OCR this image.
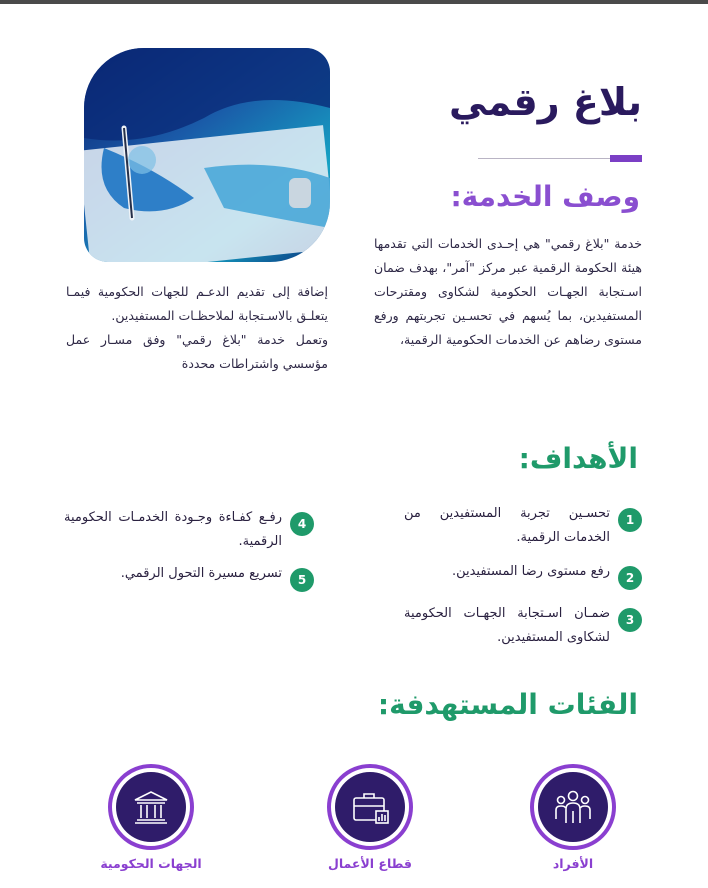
بلاغ رقمي
وصف الخدمة:
خدمة "بلاغ رقمي" هي إحـدى الخدمات التي تقدمها هيئة الحكومة الرقمية عبر مركز "آمر"، بهدف ضمان اسـتجابة الجهـات الحكومية لشكاوى ومقترحات المستفيدين، بما يُسهم في تحسـين تجربتهم ورفع مستوى رضاهم عن الخدمات الحكومية الرقمية،
إضافة إلى تقديم الدعـم للجهات الحكومية فيمـا يتعلـق بالاسـتجابة لملاحظـات المستفيدين.
وتعمل خدمة "بلاغ رقمي" وفق مسـار عمل مؤسسي واشتراطات محددة
الأهداف:
1
تحسـين تجربة المستفيدين من الخدمات الرقمية.
2
رفع مستوى رضا المستفيدين.
3
ضمـان اسـتجابة الجهـات الحكومية لشكاوى المستفيدين.
4
رفـع كفـاءة وجـودة الخدمـات الحكومية الرقمية.
5
تسريع مسيرة التحول الرقمي.
الفئات المستهدفة:
الأفراد
قطاع الأعمال
الجهات الحكومية
